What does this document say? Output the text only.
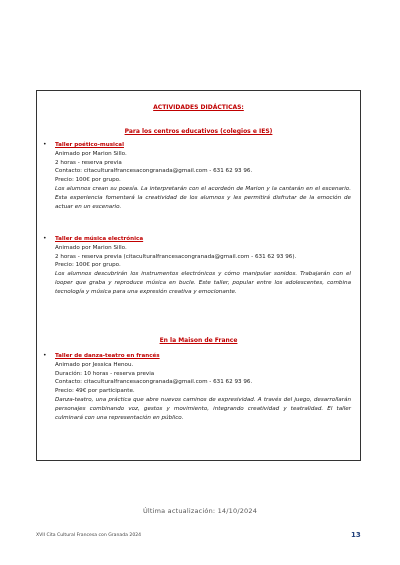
ACTIVIDADES DIDÁCTICAS:
Para los centros educativos (colegios e IES)
• Taller poético-musical
Animado por Marion Sillo.
2 horas - reserva previa
Contacto: citaculturalfrancesacongranada@gmail.com - 631 62 93 96.
Precio: 100€ por grupo.
Los alumnos crean su poesía. La interpretarán con el acordeón de Marion y la cantarán en el escenario. Esta experiencia fomentará la creatividad de los alumnos y les permitirá disfrutar de la emoción de actuar en un escenario.
• Taller de música electrónica
Animado por Marion Sillo.
2 horas - reserva previa (citaculturalfrancesacongranada@gmail.com - 631 62 93 96).
Precio: 100€ por grupo.
Los alumnos descubrirán los instrumentos electrónicos y cómo manipular sonidos. Trabajarán con el looper que graba y reproduce música en bucle. Este taller, popular entre los adolescentes, combina tecnología y música para una expresión creativa y emocionante.
En la Maison de France
• Taller de danza-teatro en francés
Animado por Jessica Henou.
Duración: 10 horas - reserva previa
Contacto: citaculturalfrancesacongranada@gmail.com - 631 62 93 96.
Precio: 49€ por participante.
Danza-teatro, una práctica que abre nuevos caminos de expresividad. A través del juego, desarrollarán personajes combinando voz, gestos y movimiento, integrando creatividad y teatralidad. El taller culminará con una representación en público.
Última actualización: 14/10/2024
XVII Cita Cultural Francesa con Granada 2024	13
